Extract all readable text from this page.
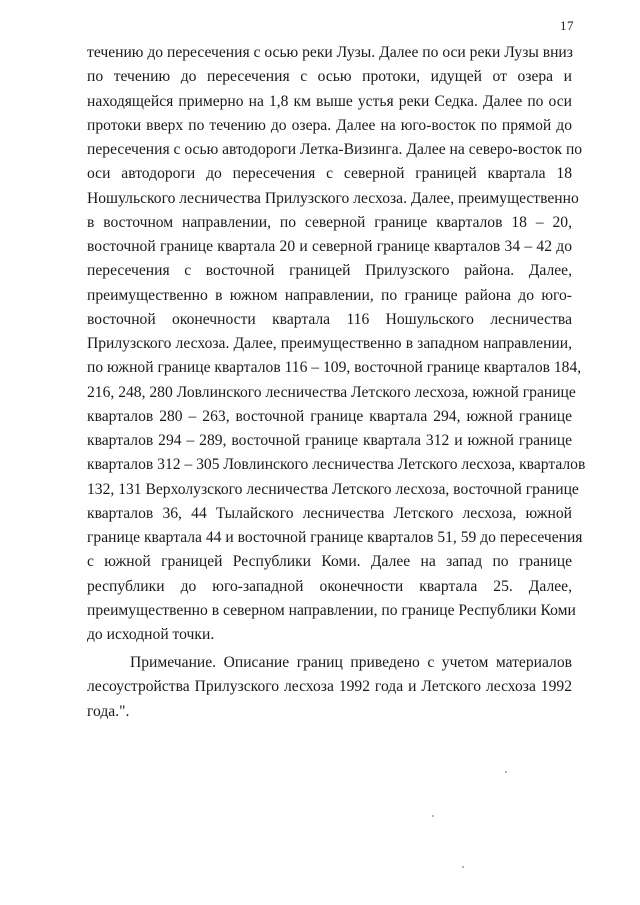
17
течению до пересечения с осью реки Лузы. Далее по оси реки Лузы вниз
по течению до пересечения с осью протоки, идущей от озера и
находящейся примерно на 1,8 км выше устья реки Седка. Далее по оси
протоки вверх по течению до озера. Далее на юго-восток по прямой до
пересечения с осью автодороги Летка-Визинга. Далее на северо-восток по
оси автодороги до пересечения с северной границей квартала 18
Ношульского лесничества Прилузского лесхоза. Далее, преимущественно
в восточном направлении, по северной границе кварталов 18 – 20,
восточной границе квартала 20 и северной границе кварталов 34 – 42 до
пересечения с восточной границей Прилузского района. Далее,
преимущественно в южном направлении, по границе района до юго-
восточной оконечности квартала 116 Ношульского лесничества
Прилузского лесхоза. Далее, преимущественно в западном направлении,
по южной границе кварталов 116 – 109, восточной границе кварталов 184,
216, 248, 280 Ловлинского лесничества Летского лесхоза, южной границе
кварталов 280 – 263, восточной границе квартала 294, южной границе
кварталов 294 – 289, восточной границе квартала 312 и южной границе
кварталов 312 – 305 Ловлинского лесничества Летского лесхоза, кварталов
132, 131 Верхолузского лесничества Летского лесхоза, восточной границе
кварталов 36, 44 Тылайского лесничества Летского лесхоза, южной
границе квартала 44 и восточной границе кварталов 51, 59 до пересечения
с южной границей Республики Коми. Далее на запад по границе
республики до юго-западной оконечности квартала 25. Далее,
преимущественно в северном направлении, по границе Республики Коми
до исходной точки.
Примечание. Описание границ приведено с учетом материалов
лесоустройства Прилузского лесхоза 1992 года и Летского лесхоза 1992
года.".
